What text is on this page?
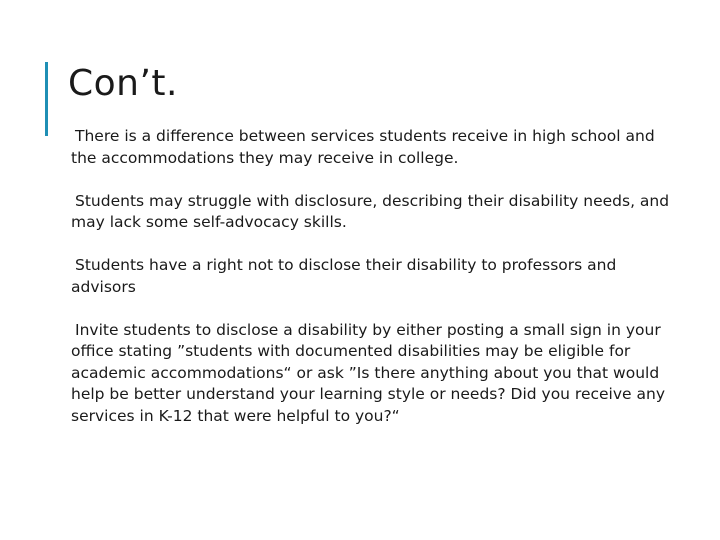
Con’t.

There is a difference between services students receive in high school and the accommodations they may receive in college.

Students may struggle with disclosure, describing their disability needs, and may lack some self-advocacy skills.

Students have a right not to disclose their disability to professors and advisors

Invite students to disclose a disability by either posting a small sign in your office stating ”students with documented disabilities may be eligible for academic accommodations“ or ask ”Is there anything about you that would help be better understand your learning style or needs? Did you receive any services in K-12 that were helpful to you?“
